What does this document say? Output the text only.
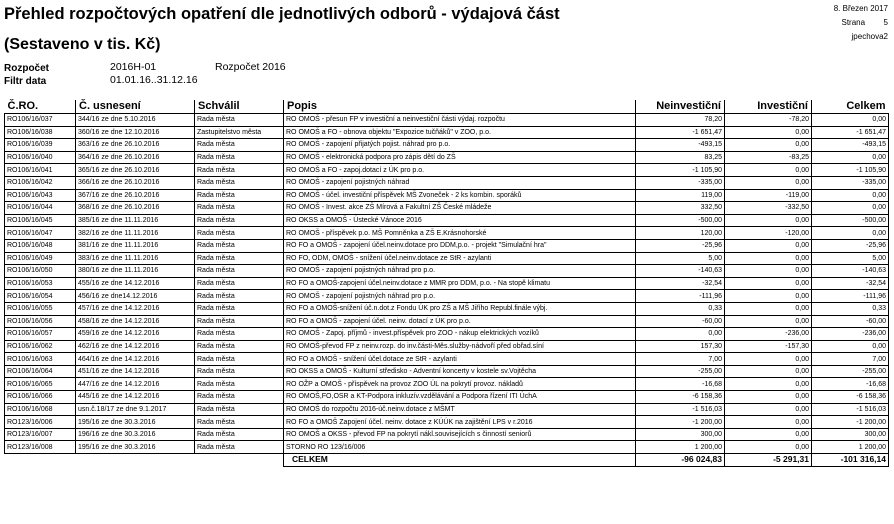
Přehled rozpočtových opatření dle jednotlivých odborů - výdajová část
(Sestaveno v tis. Kč)
8. Březen 2017
Strana 5
jpechova2
Rozpočet	2016H-01	Rozpočet 2016
Filtr data	01.01.16..31.12.16
Č.RO.	Č. usnesení	Schválil	Popis	Neinvestiční	Investiční	Celkem
RO106/16/037	344/16 ze dne 5.10.2016	Rada města	RO OMOŠ - přesun FP v investiční a neinvestiční části výdaj. rozpočtu	78,20	-78,20	0,00
RO106/16/038	360/16 ze dne 12.10.2016	Zastupitelstvo města	RO OMOŠ a FO - obnova objektu "Expozice tučňáků" v ZOO, p.o.	-1 651,47	0,00	-1 651,47
RO106/16/039	363/16 ze dne 26.10.2016	Rada města	RO OMOŠ - zapojení přijatých pojist. náhrad pro p.o.	-493,15	0,00	-493,15
RO106/16/040	364/16 ze dne 26.10.2016	Rada města	RO OMOŠ - elektronická podpora pro zápis dětí do ZŠ	83,25	-83,25	0,00
RO106/16/041	365/16 ze dne 26.10.2016	Rada města	RO OMOŠ a FO - zapoj.dotací z ÚK pro p.o.	-1 105,90	0,00	-1 105,90
RO106/16/042	366/16 ze dne 26.10.2016	Rada města	RO OMOŠ - zapojení pojistných náhrad	-335,00	0,00	-335,00
RO106/16/043	367/16 ze dne 26.10.2016	Rada města	RO OMOŠ - účel. investiční příspěvek MŠ Zvoneček - 2 ks kombin. sporáků	119,00	-119,00	0,00
RO106/16/044	368/16 ze dne 26.10.2016	Rada města	RO OMOŠ - Invest. akce ZŠ Mírová a Fakultní ZŠ České mládeže	332,50	-332,50	0,00
RO106/16/045	385/16 ze dne 11.11.2016	Rada města	RO OKSS a OMOŠ - Ústecké Vánoce 2016	-500,00	0,00	-500,00
RO106/16/047	382/16 ze dne 11.11.2016	Rada města	RO OMOŠ - příspěvek p.o. MŠ Pomněnka a ZŠ E.Krásnohorské	120,00	-120,00	0,00
RO106/16/048	381/16 ze dne 11.11.2016	Rada města	RO FO a OMOŠ - zapojení účel.neinv.dotace pro DDM,p.o. - projekt "Simulační hra"	-25,96	0,00	-25,96
RO106/16/049	383/16 ze dne 11.11.2016	Rada města	RO FO, ODM, OMOŠ - snížení účel.neinv.dotace ze StR - azylanti	5,00	0,00	5,00
RO106/16/050	380/16 ze dne 11.11.2016	Rada města	RO OMOŠ - zapojení pojistných náhrad pro p.o.	-140,63	0,00	-140,63
RO106/16/053	455/16 ze dne 14.12.2016	Rada města	RO FO a OMOŠ-zapojení účel.neinv.dotace z MMR pro DDM, p.o. - Na stopě klimatu	-32,54	0,00	-32,54
RO106/16/054	456/16 ze dne14.12.2016	Rada města	RO OMOŠ - zapojení pojistných náhrad pro p.o.	-111,96	0,00	-111,96
RO106/16/055	457/16 ze dne 14.12.2016	Rada města	RO FO a OMOŠ-snížení úč.n.dot.z Fondu ÚK pro ZŠ a MŠ Jiřího Republ.finále výbj.	0,33	0,00	0,33
RO106/16/056	458/16 ze dne 14.12.2016	Rada města	RO FO a OMOŠ - zapojení účel. neinv. dotací z ÚK pro p.o.	-60,00	0,00	-60,00
RO106/16/057	459/16 ze dne 14.12.2016	Rada města	RO OMOŠ - Zapoj. příjmů - invest.příspěvek pro ZOO - nákup elektrických vozíků	0,00	-236,00	-236,00
RO106/16/062	462/16 ze dne 14.12.2016	Rada města	RO OMOŠ-převod FP z neinv.rozp. do inv.části-Měs.služby-nádvoří před obřad.síní	157,30	-157,30	0,00
RO106/16/063	464/16 ze dne 14.12.2016	Rada města	RO FO a OMOŠ - snížení účel.dotace ze StR - azylanti	7,00	0,00	7,00
RO106/16/064	451/16 ze dne 14.12.2016	Rada města	RO OKSS a OMOŠ - Kulturní středisko - Adventní koncerty v kostele sv.Vojtěcha	-255,00	0,00	-255,00
RO106/16/065	447/16 ze dne 14.12.2016	Rada města	RO OŽP a OMOŠ - příspěvek na provoz ZOO ÚL na pokrytí provoz. nákladů	-16,68	0,00	-16,68
RO106/16/066	445/16 ze dne 14.12.2016	Rada města	RO OMOŠ,FO,OSR a KT-Podpora inkluzív.vzdělávání a Podpora řízení ITI ÚchA	-6 158,36	0,00	-6 158,36
RO106/16/068	usn.č.18/17 ze dne 9.1.2017	Rada města	RO OMOŠ do rozpočtu 2016-úč.neinv.dotace z MŠMT	-1 516,03	0,00	-1 516,03
RO123/16/006	195/16 ze dne 30.3.2016	Rada města	RO FO a OMOŠ Zapojení účel. neinv. dotace z KÚÚK na zajištění LPS v r.2016	-1 200,00	0,00	-1 200,00
RO123/16/007	196/16 ze dne 30.3.2016	Rada města	RO OMOŠ a OKSS - převod FP na pokrytí nákl.souvisejících s činností seniorů	300,00	0,00	300,00
RO123/16/008	195/16 ze dne 30.3.2016	Rada města	STORNO RO 123/16/006	1 200,00	0,00	1 200,00
			CELKEM	-96 024,83	-5 291,31	-101 316,14
